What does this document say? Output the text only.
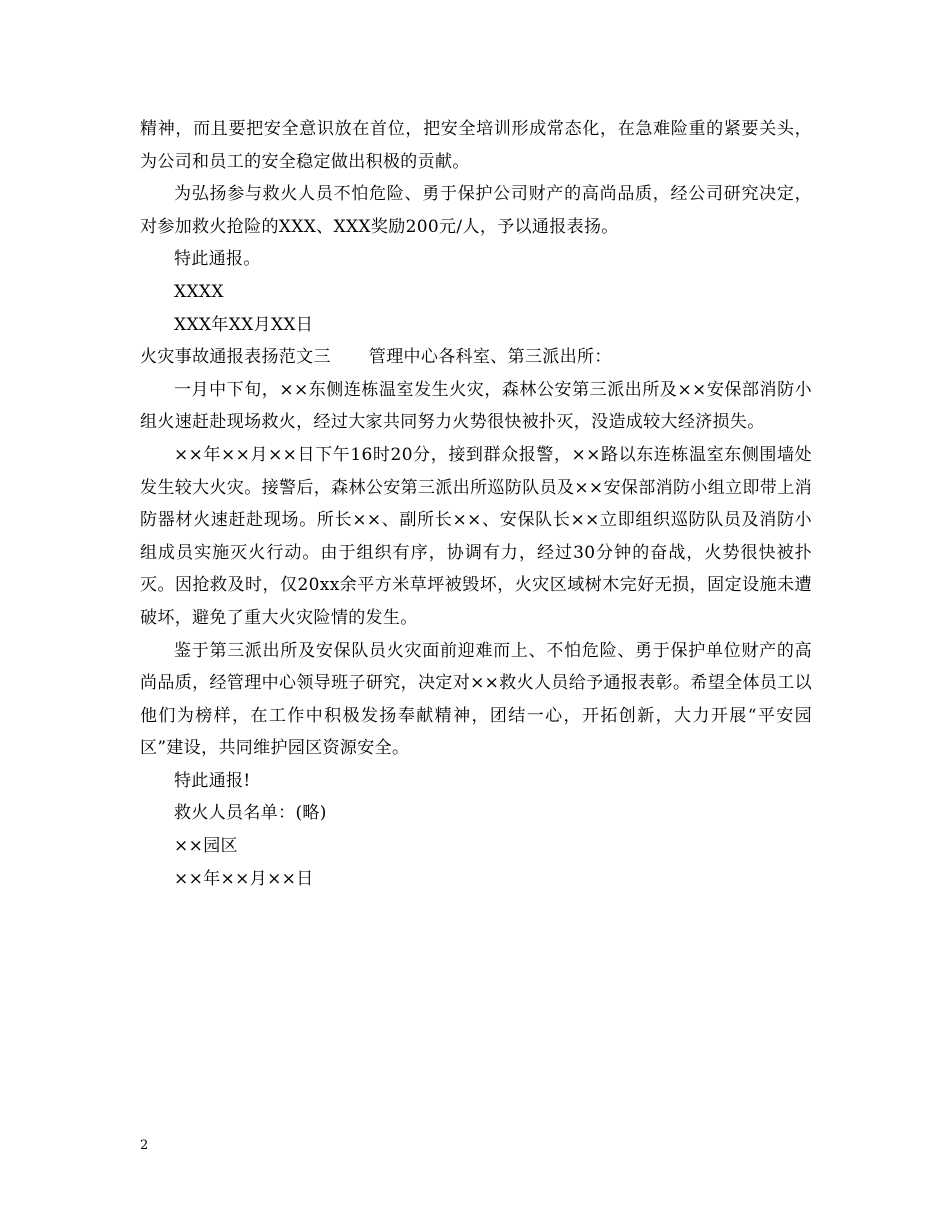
精神，而且要把安全意识放在首位，把安全培训形成常态化，在急难险重的紧要关头，为公司和员工的安全稳定做出积极的贡献。

为弘扬参与救火人员不怕危险、勇于保护公司财产的高尚品质，经公司研究决定，对参加救火抢险的XXX、XXX奖励200元/人，予以通报表扬。

特此通报。

XXXX

XXX年XX月XX日

火灾事故通报表扬范文三 管理中心各科室、第三派出所：

一月中下旬，××东侧连栋温室发生火灾，森林公安第三派出所及××安保部消防小组火速赶赴现场救火，经过大家共同努力火势很快被扑灭，没造成较大经济损失。

××年××月××日下午16时20分，接到群众报警，××路以东连栋温室东侧围墙处发生较大火灾。接警后，森林公安第三派出所巡防队员及××安保部消防小组立即带上消防器材火速赶赴现场。所长××、副所长××、安保队长××立即组织巡防队员及消防小组成员实施灭火行动。由于组织有序，协调有力，经过30分钟的奋战，火势很快被扑灭。因抢救及时，仅20xx余平方米草坪被毁坏，火灾区域树木完好无损，固定设施未遭破坏，避免了重大火灾险情的发生。

鉴于第三派出所及安保队员火灾面前迎难而上、不怕危险、勇于保护单位财产的高尚品质，经管理中心领导班子研究，决定对××救火人员给予通报表彰。希望全体员工以他们为榜样，在工作中积极发扬奉献精神，团结一心，开拓创新，大力开展“平安园区”建设，共同维护园区资源安全。

特此通报!

救火人员名单：(略)

××园区

××年××月××日

2
